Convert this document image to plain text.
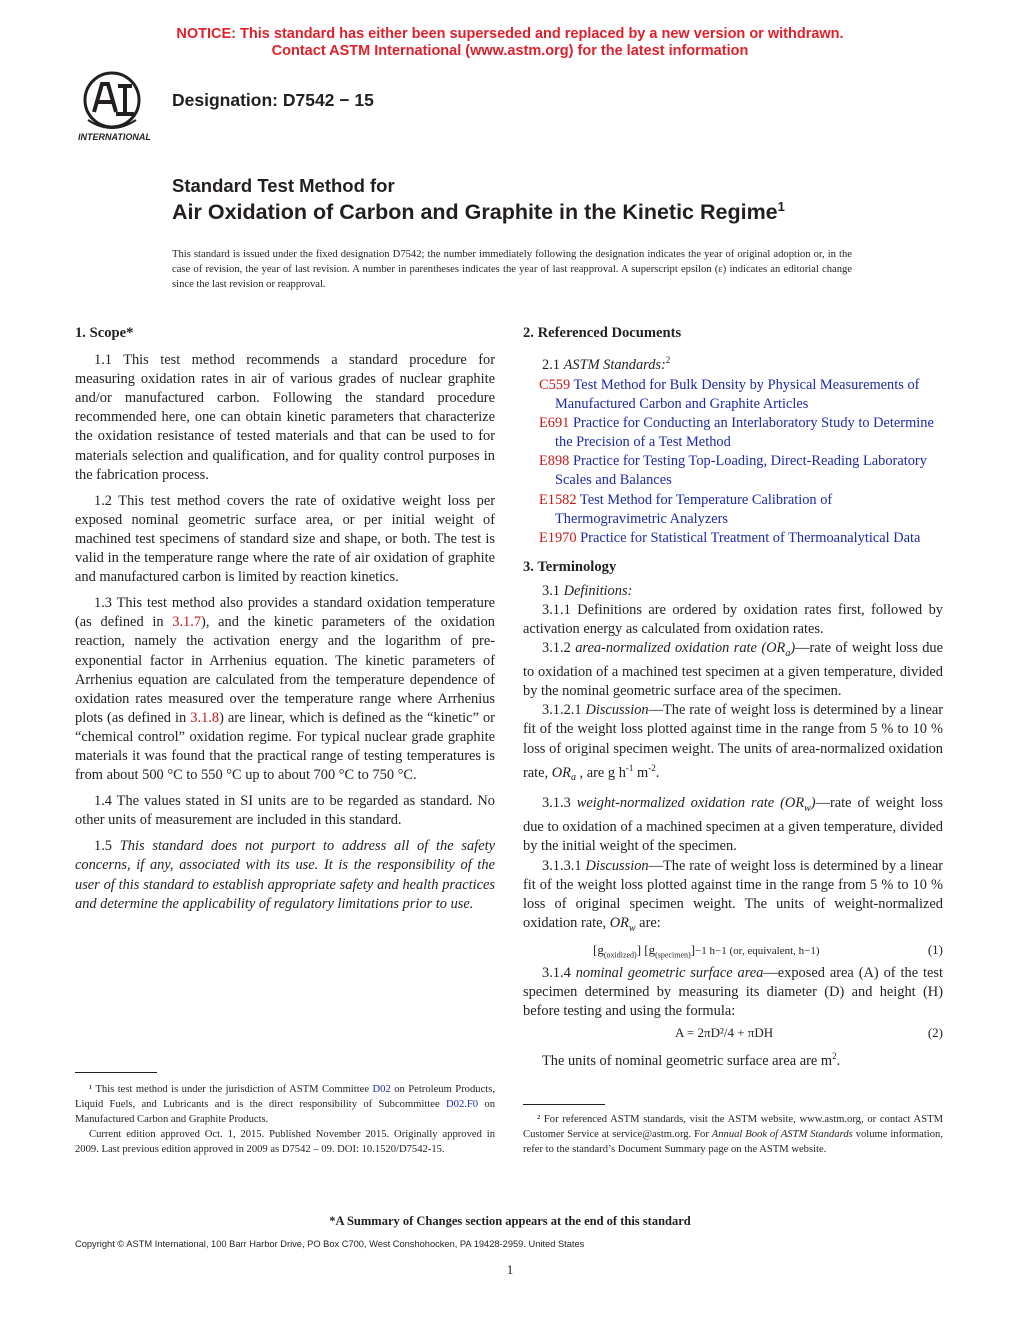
NOTICE: This standard has either been superseded and replaced by a new version or withdrawn.
Contact ASTM International (www.astm.org) for the latest information
INTERNATIONAL
Designation: D7542 − 15
Standard Test Method for
Air Oxidation of Carbon and Graphite in the Kinetic Regime$^1$
This standard is issued under the fixed designation D7542; the number immediately following the designation indicates the year of original adoption or, in the case of revision, the year of last revision. A number in parentheses indicates the year of last reapproval. A superscript epsilon (ε) indicates an editorial change since the last revision or reapproval.
1. Scope*

1.1 This test method recommends a standard procedure for measuring oxidation rates in air of various grades of nuclear graphite and/or manufactured carbon. Following the standard procedure recommended here, one can obtain kinetic parameters that characterize the oxidation resistance of tested materials and that can be used to for materials selection and qualification, and for quality control purposes in the fabrication process.

1.2 This test method covers the rate of oxidative weight loss per exposed nominal geometric surface area, or per initial weight of machined test specimens of standard size and shape, or both. The test is valid in the temperature range where the rate of air oxidation of graphite and manufactured carbon is limited by reaction kinetics.

1.3 This test method also provides a standard oxidation temperature (as defined in 3.1.7), and the kinetic parameters of the oxidation reaction, namely the activation energy and the logarithm of pre-exponential factor in Arrhenius equation. The kinetic parameters of Arrhenius equation are calculated from the temperature dependence of oxidation rates measured over the temperature range where Arrhenius plots (as defined in 3.1.8) are linear, which is defined as the “kinetic” or “chemical control” oxidation regime. For typical nuclear grade graphite materials it was found that the practical range of testing temperatures is from about 500 °C to 550 °C up to about 700 °C to 750 °C.

1.4 The values stated in SI units are to be regarded as standard. No other units of measurement are included in this standard.

1.5 This standard does not purport to address all of the safety concerns, if any, associated with its use. It is the responsibility of the user of this standard to establish appropriate safety and health practices and determine the applicability of regulatory limitations prior to use.

¹ This test method is under the jurisdiction of ASTM Committee D02 on Petroleum Products, Liquid Fuels, and Lubricants and is the direct responsibility of Subcommittee D02.F0 on Manufactured Carbon and Graphite Products.
Current edition approved Oct. 1, 2015. Published November 2015. Originally approved in 2009. Last previous edition approved in 2009 as D7542 – 09. DOI: 10.1520/D7542-15.
2. Referenced Documents

2.1 ASTM Standards:$^2$

C559 Test Method for Bulk Density by Physical Measurements of Manufactured Carbon and Graphite Articles

E691 Practice for Conducting an Interlaboratory Study to Determine the Precision of a Test Method

E898 Practice for Testing Top-Loading, Direct-Reading Laboratory Scales and Balances

E1582 Test Method for Temperature Calibration of Thermogravimetric Analyzers

E1970 Practice for Statistical Treatment of Thermoanalytical Data

3. Terminology

3.1 Definitions:

3.1.1 Definitions are ordered by oxidation rates first, followed by activation energy as calculated from oxidation rates.

3.1.2 area-normalized oxidation rate $(OR_a)—rate$ of weight loss due to oxidation of a machined test specimen at a given temperature, divided by the nominal geometric surface area of the specimen.

3.1.2.1 Discussion—The rate of weight loss is determined by a linear fit of the weight loss plotted against time in the range from 5 % to 10 % loss of original specimen weight. The units of area-normalized oxidation rate, $OR_a$ , are g $h^{-1}$ $m^{-2}$.

3.1.3 weight-normalized oxidation rate $(OR_w)—rate$ of weight loss due to oxidation of a machined specimen at a given temperature, divided by the initial weight of the specimen.

3.1.3.1 Discussion—The rate of weight loss is determined by a linear fit of the weight loss plotted against time in the range from 5 % to 10 % loss of original specimen weight. The units of weight-normalized oxidation rate, $OR_w$ are:

$[g_{(oxidized)}]$ $[g_{(specimen)}]-1$ h−1 (or, equivalent, h−1)	(1)

3.1.4 nominal geometric surface area—exposed area (A) of the test specimen determined by measuring its diameter (D) and height (H) before testing and using the formula:

A = 2πD²/4 + πDH	(2)

The units of nominal geometric surface area are $m^2$.

² For referenced ASTM standards, visit the ASTM website, www.astm.org, or contact ASTM Customer Service at service@astm.org. For Annual Book of ASTM Standards volume information, refer to the standard’s Document Summary page on the ASTM website.
*A Summary of Changes section appears at the end of this standard
Copyright © ASTM International, 100 Barr Harbor Drive, PO Box C700, West Conshohocken, PA 19428-2959. United States
1
